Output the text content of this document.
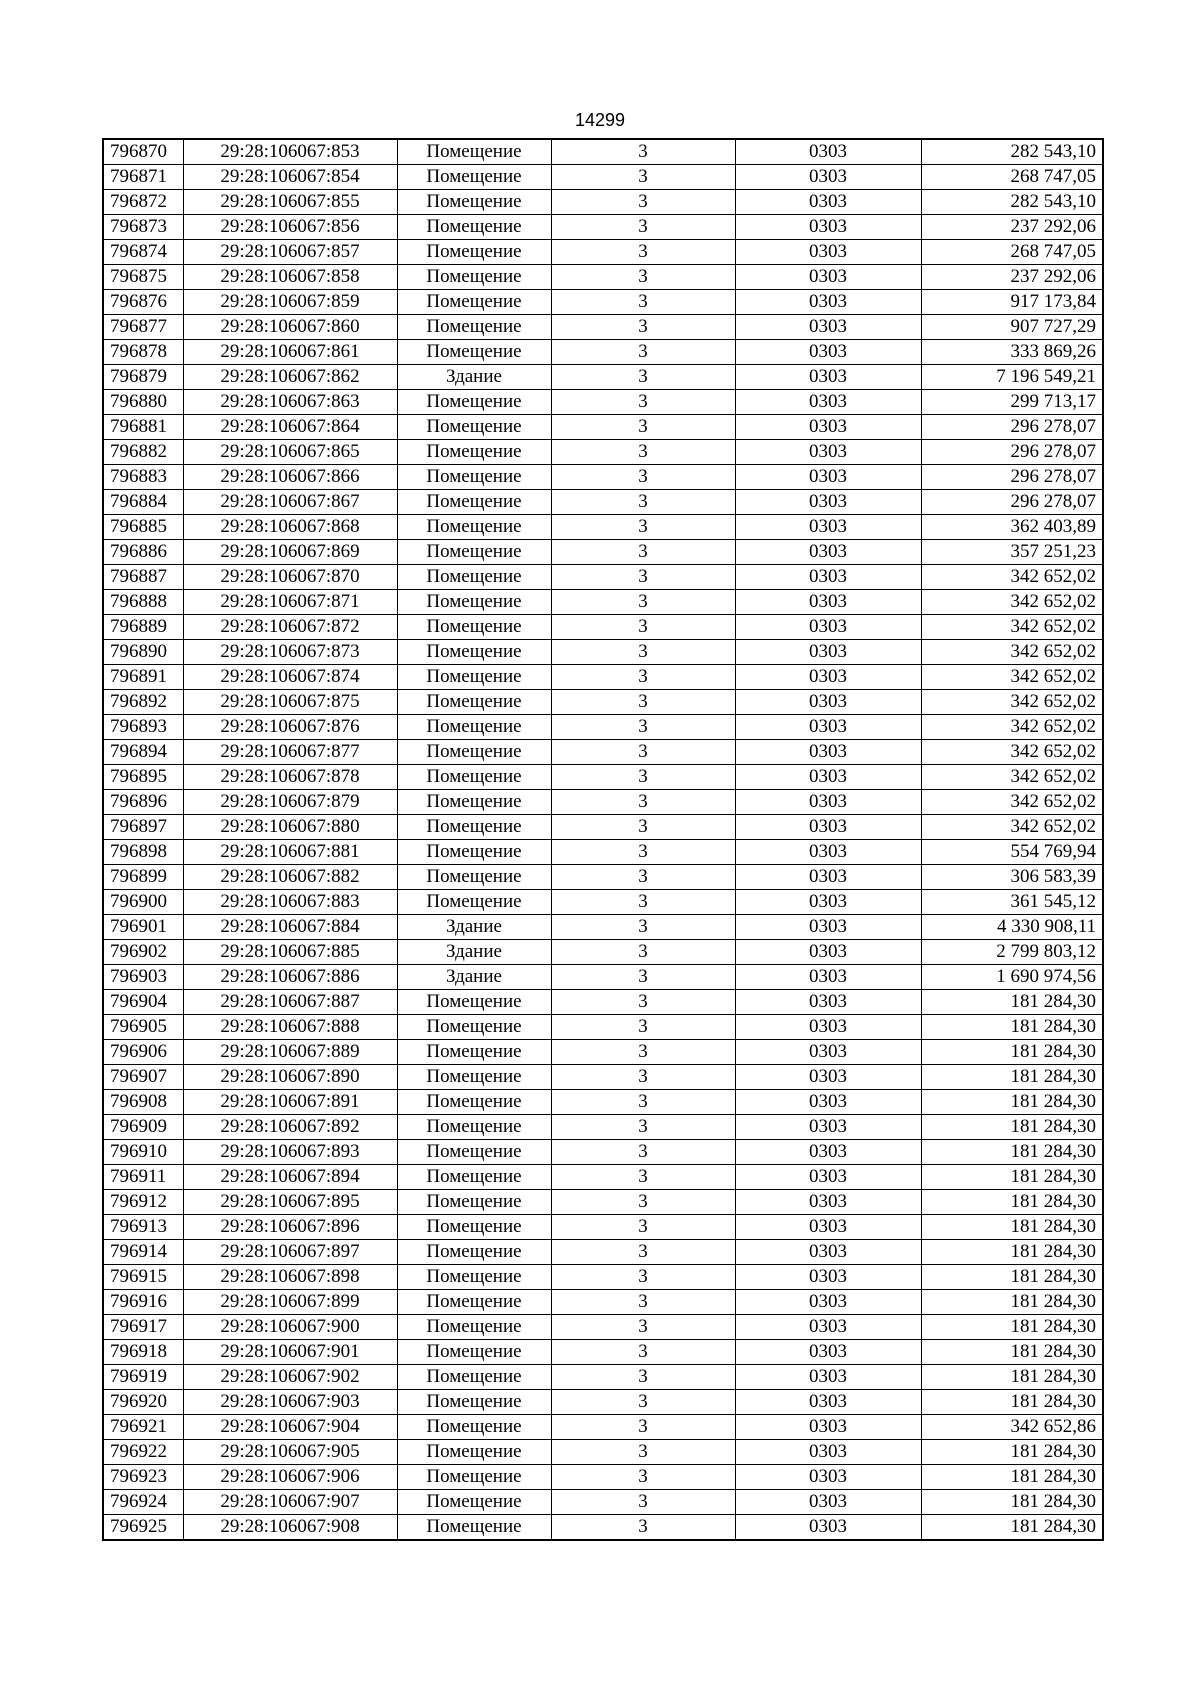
14299
796870	29:28:106067:853	Помещение	3	0303	282 543,10
796871	29:28:106067:854	Помещение	3	0303	268 747,05
796872	29:28:106067:855	Помещение	3	0303	282 543,10
796873	29:28:106067:856	Помещение	3	0303	237 292,06
796874	29:28:106067:857	Помещение	3	0303	268 747,05
796875	29:28:106067:858	Помещение	3	0303	237 292,06
796876	29:28:106067:859	Помещение	3	0303	917 173,84
796877	29:28:106067:860	Помещение	3	0303	907 727,29
796878	29:28:106067:861	Помещение	3	0303	333 869,26
796879	29:28:106067:862	Здание	3	0303	7 196 549,21
796880	29:28:106067:863	Помещение	3	0303	299 713,17
796881	29:28:106067:864	Помещение	3	0303	296 278,07
796882	29:28:106067:865	Помещение	3	0303	296 278,07
796883	29:28:106067:866	Помещение	3	0303	296 278,07
796884	29:28:106067:867	Помещение	3	0303	296 278,07
796885	29:28:106067:868	Помещение	3	0303	362 403,89
796886	29:28:106067:869	Помещение	3	0303	357 251,23
796887	29:28:106067:870	Помещение	3	0303	342 652,02
796888	29:28:106067:871	Помещение	3	0303	342 652,02
796889	29:28:106067:872	Помещение	3	0303	342 652,02
796890	29:28:106067:873	Помещение	3	0303	342 652,02
796891	29:28:106067:874	Помещение	3	0303	342 652,02
796892	29:28:106067:875	Помещение	3	0303	342 652,02
796893	29:28:106067:876	Помещение	3	0303	342 652,02
796894	29:28:106067:877	Помещение	3	0303	342 652,02
796895	29:28:106067:878	Помещение	3	0303	342 652,02
796896	29:28:106067:879	Помещение	3	0303	342 652,02
796897	29:28:106067:880	Помещение	3	0303	342 652,02
796898	29:28:106067:881	Помещение	3	0303	554 769,94
796899	29:28:106067:882	Помещение	3	0303	306 583,39
796900	29:28:106067:883	Помещение	3	0303	361 545,12
796901	29:28:106067:884	Здание	3	0303	4 330 908,11
796902	29:28:106067:885	Здание	3	0303	2 799 803,12
796903	29:28:106067:886	Здание	3	0303	1 690 974,56
796904	29:28:106067:887	Помещение	3	0303	181 284,30
796905	29:28:106067:888	Помещение	3	0303	181 284,30
796906	29:28:106067:889	Помещение	3	0303	181 284,30
796907	29:28:106067:890	Помещение	3	0303	181 284,30
796908	29:28:106067:891	Помещение	3	0303	181 284,30
796909	29:28:106067:892	Помещение	3	0303	181 284,30
796910	29:28:106067:893	Помещение	3	0303	181 284,30
796911	29:28:106067:894	Помещение	3	0303	181 284,30
796912	29:28:106067:895	Помещение	3	0303	181 284,30
796913	29:28:106067:896	Помещение	3	0303	181 284,30
796914	29:28:106067:897	Помещение	3	0303	181 284,30
796915	29:28:106067:898	Помещение	3	0303	181 284,30
796916	29:28:106067:899	Помещение	3	0303	181 284,30
796917	29:28:106067:900	Помещение	3	0303	181 284,30
796918	29:28:106067:901	Помещение	3	0303	181 284,30
796919	29:28:106067:902	Помещение	3	0303	181 284,30
796920	29:28:106067:903	Помещение	3	0303	181 284,30
796921	29:28:106067:904	Помещение	3	0303	342 652,86
796922	29:28:106067:905	Помещение	3	0303	181 284,30
796923	29:28:106067:906	Помещение	3	0303	181 284,30
796924	29:28:106067:907	Помещение	3	0303	181 284,30
796925	29:28:106067:908	Помещение	3	0303	181 284,30
